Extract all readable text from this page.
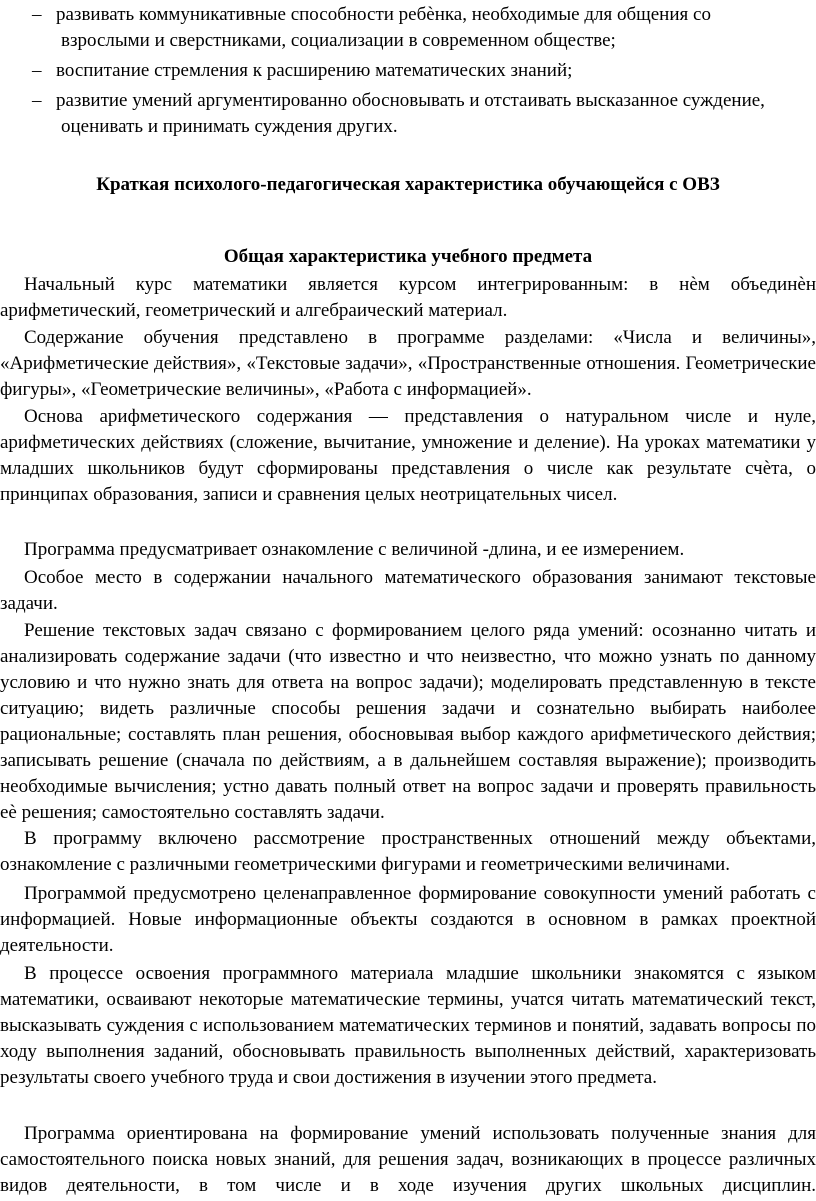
– развивать коммуникативные способности ребѐнка, необходимые для общения со
взрослыми и сверстниками, социализации в современном обществе;
– воспитание стремления к расширению математических знаний;
– развитие умений аргументированно обосновывать и отстаивать высказанное суждение,
оценивать и принимать суждения других.
Краткая психолого-педагогическая характеристика обучающейся с ОВЗ
Общая характеристика учебного предмета
Начальный курс математики является курсом интегрированным: в нѐм объединѐн арифметический, геометрический и алгебраический материал.
Содержание обучения представлено в программе разделами: «Числа и величины», «Арифметические действия», «Текстовые задачи», «Пространственные отношения. Геометрические фигуры», «Геометрические величины», «Работа с информацией».
Основа арифметического содержания — представления о натуральном числе и нуле, арифметических действиях (сложение, вычитание, умножение и деление). На уроках математики у младших школьников будут сформированы представления о числе как результате счѐта, о принципах образования, записи и сравнения целых неотрицательных чисел.
Программа предусматривает ознакомление с величиной -длина, и ее измерением.
Особое место в содержании начального математического образования занимают текстовые задачи.
Решение текстовых задач связано с формированием целого ряда умений: осознанно читать и анализировать содержание задачи (что известно и что неизвестно, что можно узнать по данному условию и что нужно знать для ответа на вопрос задачи); моделировать представленную в тексте ситуацию; видеть различные способы решения задачи и сознательно выбирать наиболее рациональные; составлять план решения, обосновывая выбор каждого арифметического действия; записывать решение (сначала по действиям, а в дальнейшем составляя выражение); производить необходимые вычисления; устно давать полный ответ на вопрос задачи и проверять правильность еѐ решения; самостоятельно составлять задачи.
В программу включено рассмотрение пространственных отношений между объектами, ознакомление с различными геометрическими фигурами и геометрическими величинами.
Программой предусмотрено целенаправленное формирование совокупности умений работать с информацией. Новые информационные объекты создаются в основном в рамках проектной деятельности.
В процессе освоения программного материала младшие школьники знакомятся с языком математики, осваивают некоторые математические термины, учатся читать математический текст, высказывать суждения с использованием математических терминов и понятий, задавать вопросы по ходу выполнения заданий, обосновывать правильность выполненных действий, характеризовать результаты своего учебного труда и свои достижения в изучении этого предмета.
Программа ориентирована на формирование умений использовать полученные знания для самостоятельного поиска новых знаний, для решения задач, возникающих в процессе различных видов деятельности, в том числе и в ходе изучения других школьных дисциплин.
